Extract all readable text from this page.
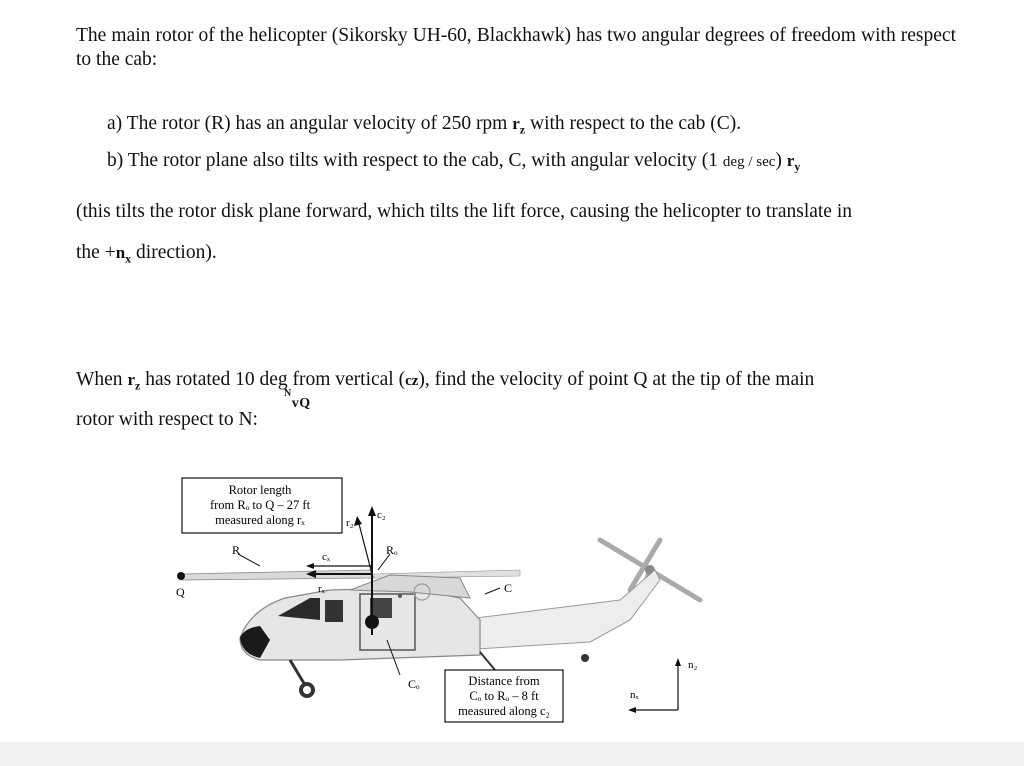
The main rotor of the helicopter (Sikorsky UH-60, Blackhawk) has two angular degrees of freedom with respect to the cab:

a) The rotor (R) has an angular velocity of 250 rpm $r_z$ with respect to the cab (C).
b) The rotor plane also tilts with respect to the cab, C, with angular velocity (1 deg / sec) $r_y$
(this tilts the rotor disk plane forward, which tilts the lift force, causing the helicopter to translate in
the $+n_x$ direction).
When $r_z$ has rotated 10 deg from vertical (cz), find the velocity of point Q at the tip of the main
rotor with respect to N:
$^N$vQ
Rotor length
from Rₒ to Q – 27 ft
measured along rₓ
Distance from
Cₒ to Rₒ – 8 ft
measured along c₂
R
Q
r₂
c₂
cₓ
rₓ
Rₒ
C
Cₒ
n₂
nₓ
